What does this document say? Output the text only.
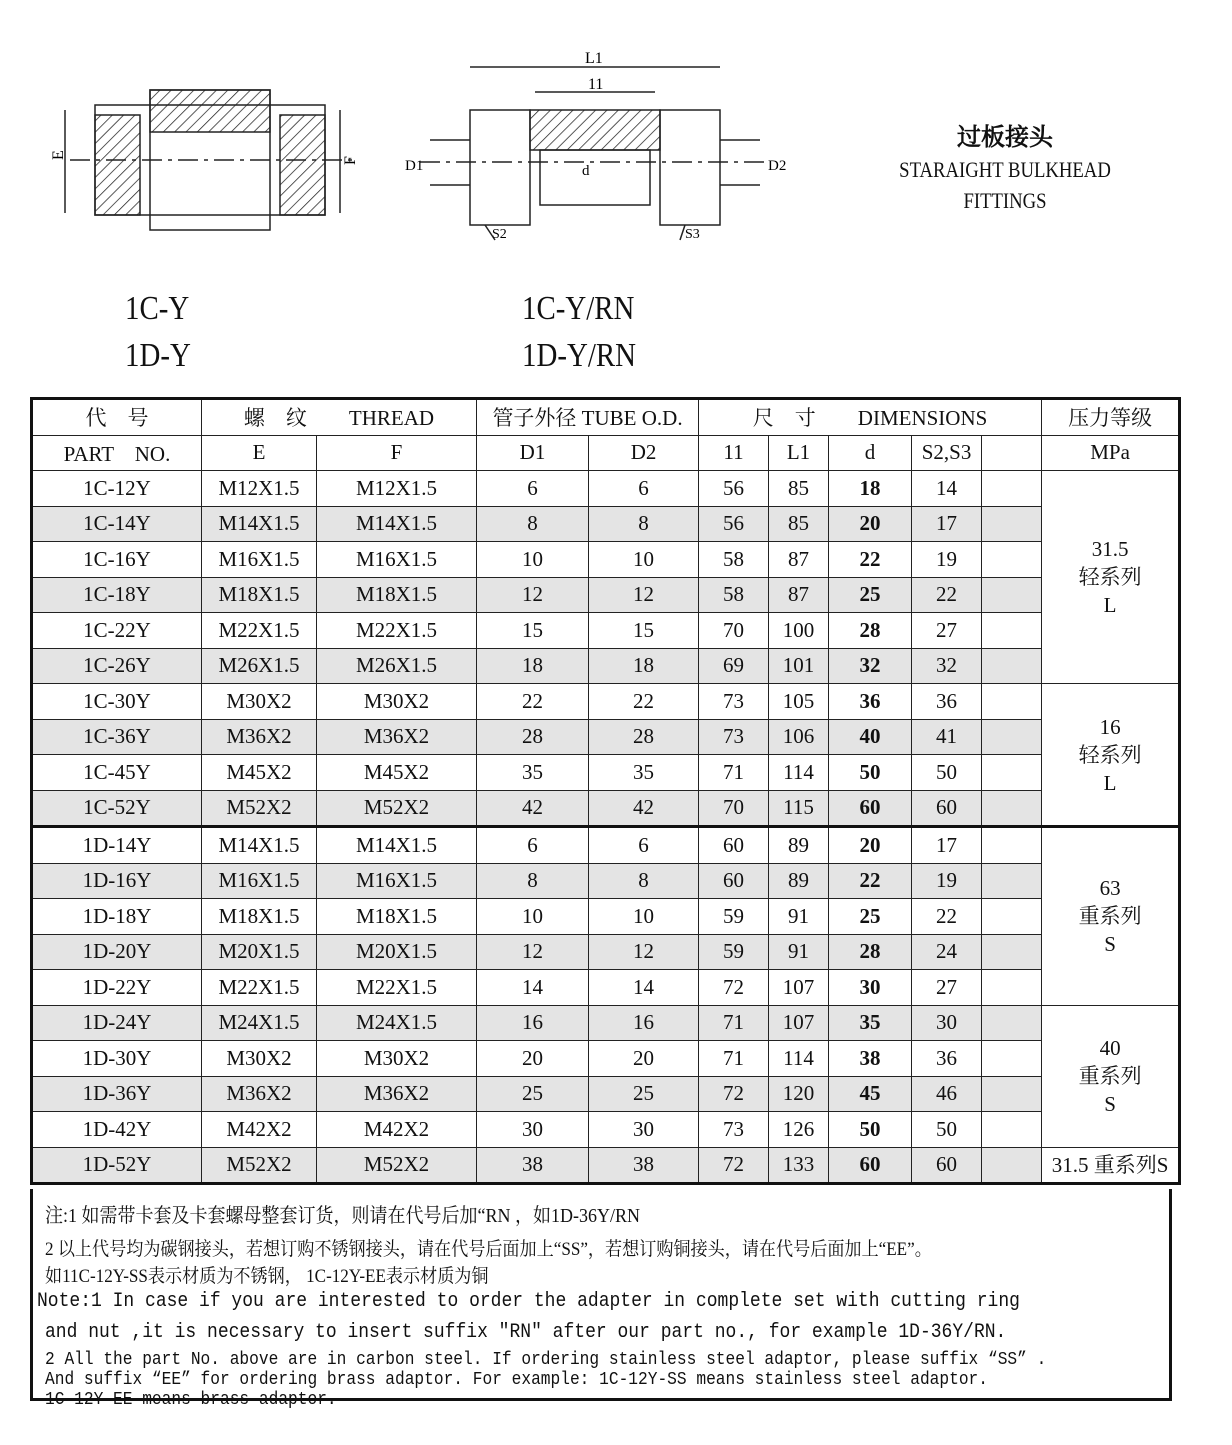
E
F
L1
11
D1	D2
d
S2	S3
过板接头
STARAIGHT BULKHEAD
FITTINGS
1C-Y
1D-Y
1C-Y/RN
1D-Y/RN
代　号	螺　纹　　THREAD		管子外径 TUBE O.D.		尺　寸　　DIMENSIONS					压力等级
PART　NO.	E	F	D1	D2	11	L1	d	S2,S3		MPa
1C-12Y	M12X1.5	M12X1.5	6	6	56	85	18	14		31.5
轻系列
L

1C-14Y	M14X1.5	M14X1.5	8	8	56	85	20	17		
1C-16Y	M16X1.5	M16X1.5	10	10	58	87	22	19		
1C-18Y	M18X1.5	M18X1.5	12	12	58	87	25	22		
1C-22Y	M22X1.5	M22X1.5	15	15	70	100	28	27		
1C-26Y	M26X1.5	M26X1.5	18	18	69	101	32	32		
1C-30Y	M30X2	M30X2	22	22	73	105	36	36		16
轻系列
L

1C-36Y	M36X2	M36X2	28	28	73	106	40	41		
1C-45Y	M45X2	M45X2	35	35	71	114	50	50		
1C-52Y	M52X2	M52X2	42	42	70	115	60	60		
1D-14Y	M14X1.5	M14X1.5	6	6	60	89	20	17		63
重系列
S

1D-16Y	M16X1.5	M16X1.5	8	8	60	89	22	19		
1D-18Y	M18X1.5	M18X1.5	10	10	59	91	25	22		
1D-20Y	M20X1.5	M20X1.5	12	12	59	91	28	24		
1D-22Y	M22X1.5	M22X1.5	14	14	72	107	30	27		
1D-24Y	M24X1.5	M24X1.5	16	16	71	107	35	30		40
重系列
S

1D-30Y	M30X2	M30X2	20	20	71	114	38	36		
1D-36Y	M36X2	M36X2	25	25	72	120	45	46		
1D-42Y	M42X2	M42X2	30	30	73	126	50	50		
1D-52Y	M52X2	M52X2	38	38	72	133	60	60		31.5 重系列S
注:1 如需带卡套及卡套螺母整套订货，则请在代号后加“RN ，如1D-36Y/RN
2 以上代号均为碳钢接头，若想订购不锈钢接头，请在代号后面加上“SS”，若想订购铜接头，请在代号后面加上“EE”。
如11C-12Y-SS表示材质为不锈钢， 1C-12Y-EE表示材质为铜
Note:1 In case if you are interested to order the adapter in complete set with cutting ring
and nut ,it is necessary to insert suffix ″RN″ after our part no., for example 1D-36Y/RN.
2 All the part No. above are in carbon steel. If ordering stainless steel adaptor, please suffix “SS” .
And suffix “EE” for ordering brass adaptor. For example: 1C-12Y-SS means stainless steel adaptor.
1C-12Y-EE means brass adaptor.
